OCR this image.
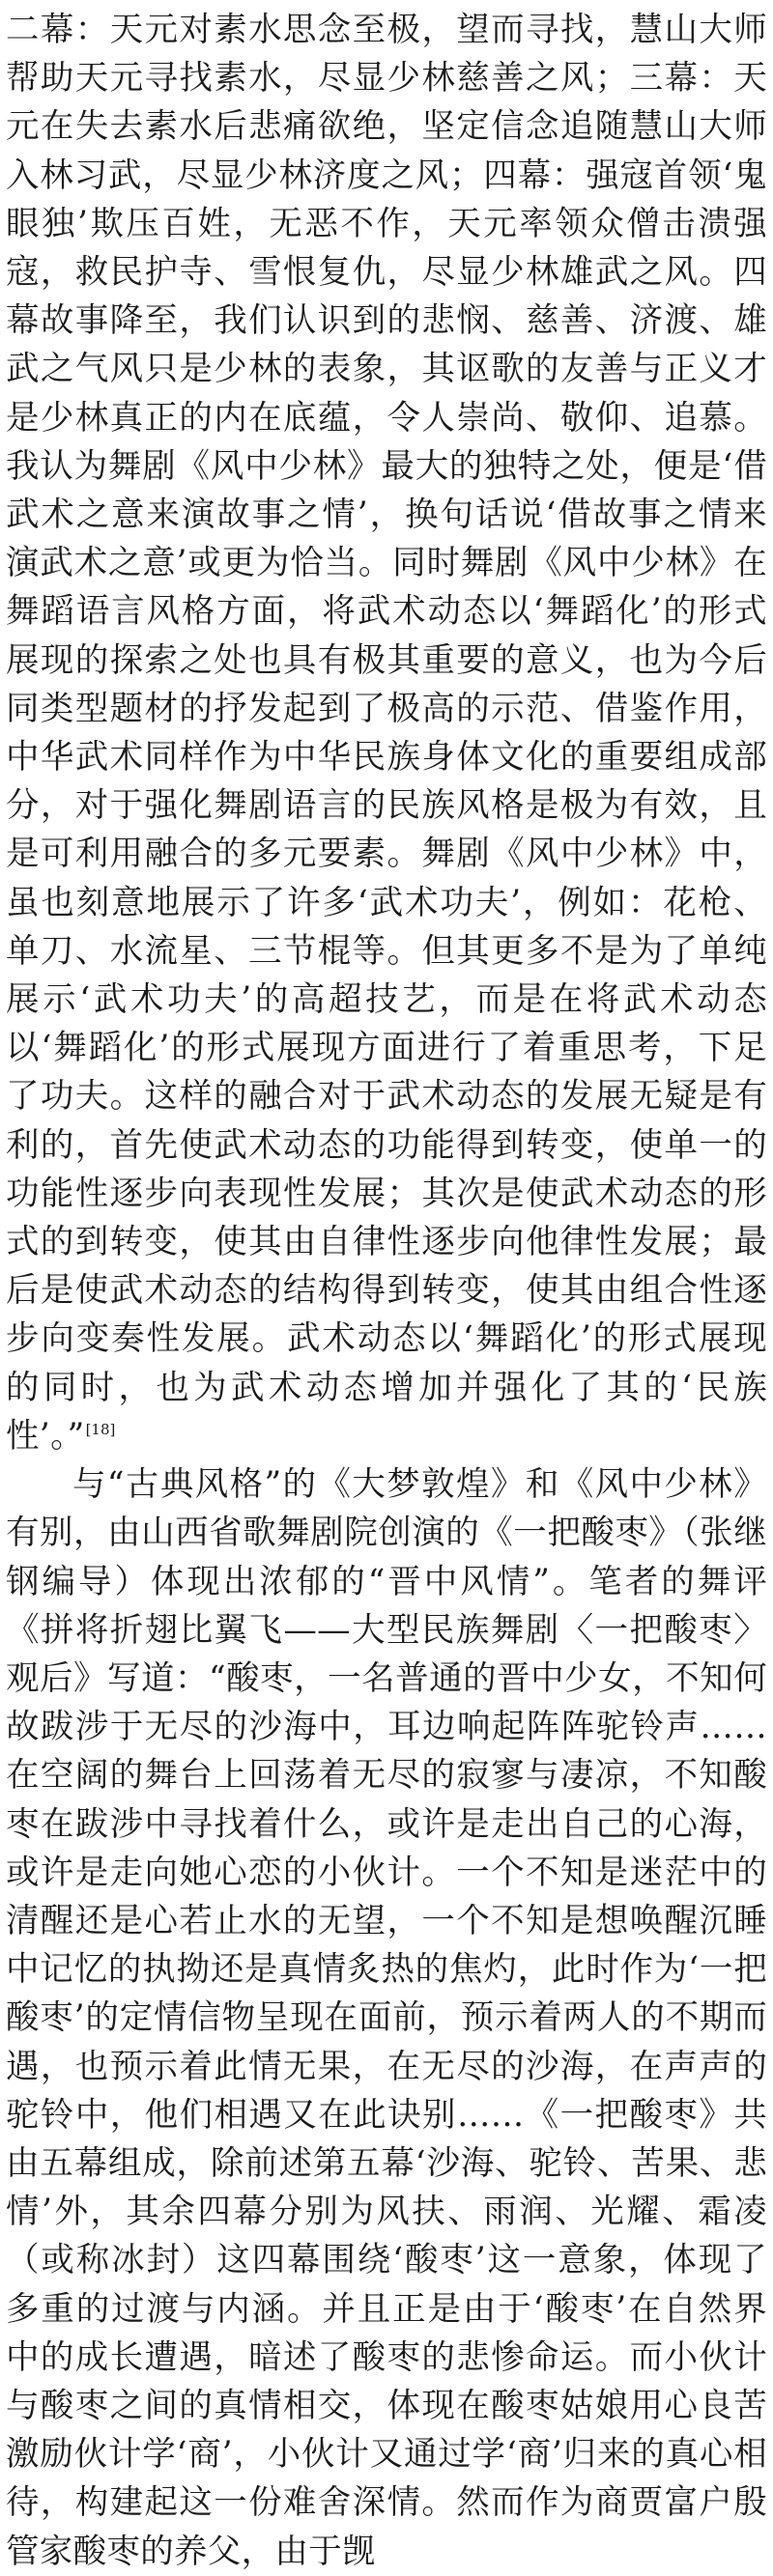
二幕：天元对素水思念至极，望而寻找，慧山大师帮助天元寻找素水，尽显少林慈善之风；三幕：天元在失去素水后悲痛欲绝，坚定信念追随慧山大师入林习武，尽显少林济度之风；四幕：强寇首领‘鬼眼独’欺压百姓，无恶不作，天元率领众僧击溃强寇，救民护寺、雪恨复仇，尽显少林雄武之风。四幕故事降至，我们认识到的悲悯、慈善、济渡、雄武之气风只是少林的表象，其讴歌的友善与正义才是少林真正的内在底蕴，令人崇尚、敬仰、追慕。我认为舞剧《风中少林》最大的独特之处，便是‘借武术之意来演故事之情’，换句话说‘借故事之情来演武术之意’或更为恰当。同时舞剧《风中少林》在舞蹈语言风格方面，将武术动态以‘舞蹈化’的形式展现的探索之处也具有极其重要的意义，也为今后同类型题材的抒发起到了极高的示范、借鉴作用，中华武术同样作为中华民族身体文化的重要组成部分，对于强化舞剧语言的民族风格是极为有效，且是可利用融合的多元要素。舞剧《风中少林》中，虽也刻意地展示了许多‘武术功夫’，例如：花枪、单刀、水流星、三节棍等。但其更多不是为了单纯展示‘武术功夫’的高超技艺，而是在将武术动态以‘舞蹈化’的形式展现方面进行了着重思考，下足了功夫。这样的融合对于武术动态的发展无疑是有利的，首先使武术动态的功能得到转变，使单一的功能性逐步向表现性发展；其次是使武术动态的形式的到转变，使其由自律性逐步向他律性发展；最后是使武术动态的结构得到转变，使其由组合性逐步向变奏性发展。武术动态以‘舞蹈化’的形式展现的同时，也为武术动态增加并强化了其的‘民族性’。”[18]

与“古典风格”的《大梦敦煌》和《风中少林》有别，由山西省歌舞剧院创演的《一把酸枣》（张继钢编导）体现出浓郁的“晋中风情”。笔者的舞评《拼将折翅比翼飞——大型民族舞剧〈一把酸枣〉观后》写道：“酸枣，一名普通的晋中少女，不知何故跋涉于无尽的沙海中，耳边响起阵阵驼铃声……在空阔的舞台上回荡着无尽的寂寥与凄凉，不知酸枣在跋涉中寻找着什么，或许是走出自己的心海，或许是走向她心恋的小伙计。一个不知是迷茫中的清醒还是心若止水的无望，一个不知是想唤醒沉睡中记忆的执拗还是真情炙热的焦灼，此时作为‘一把酸枣’的定情信物呈现在面前，预示着两人的不期而遇，也预示着此情无果，在无尽的沙海，在声声的驼铃中，他们相遇又在此诀别……《一把酸枣》共由五幕组成，除前述第五幕‘沙海、驼铃、苦果、悲情’外，其余四幕分别为风扶、雨润、光耀、霜凌（或称冰封）这四幕围绕‘酸枣’这一意象，体现了多重的过渡与内涵。并且正是由于‘酸枣’在自然界中的成长遭遇，暗述了酸枣的悲惨命运。而小伙计与酸枣之间的真情相交，体现在酸枣姑娘用心良苦激励伙计学‘商’，小伙计又通过学‘商’归来的真心相待，构建起这一份难舍深情。然而作为商贾富户殷管家酸枣的养父，由于觊
